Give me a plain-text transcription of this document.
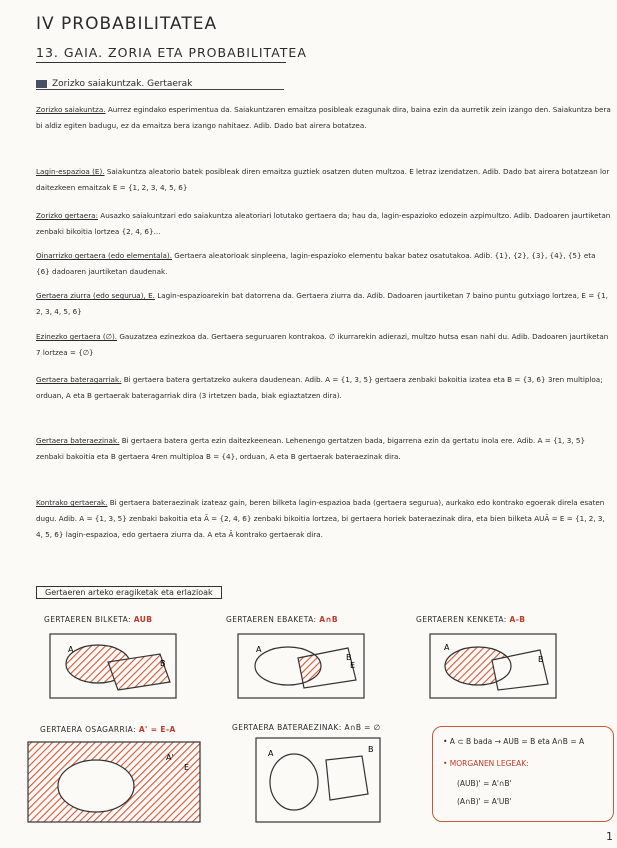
IV PROBABILITATEA
13. GAIA. ZORIA ETA PROBABILITATEA
Zorizko saiakuntzak. Gertaerak
Zorizko saiakuntza. Aurrez egindako esperimentua da. Saiakuntzaren emaitza posibleak ezagunak dira, baina ezin da aurretik zein izango den. Saiakuntza bera bi aldiz egiten badugu, ez da emaitza bera izango nahitaez. Adib. Dado bat airera botatzea.
Lagin-espazioa (E). Saiakuntza aleatorio batek posibleak diren emaitza guztiek osatzen duten multzoa. E letraz izendatzen. Adib. Dado bat airera botatzean lor daitezkeen emaitzak E = {1, 2, 3, 4, 5, 6}
Zorizko gertaera: Ausazko saiakuntzari edo saiakuntza aleatoriari lotutako gertaera da; hau da, lagin-espazioko edozein azpimultzo. Adib. Dadoaren jaurtiketan zenbaki bikoitia lortzea {2, 4, 6}...
Oinarrizko gertaera (edo elementala). Gertaera aleatorioak sinpleena, lagin-espazioko elementu bakar batez osatutakoa. Adib. {1}, {2}, {3}, {4}, {5} eta {6} dadoaren jaurtiketan daudenak.
Gertaera ziurra (edo segurua), E. Lagin-espazioarekin bat datorrena da. Gertaera ziurra da. Adib. Dadoaren jaurtiketan 7 baino puntu gutxiago lortzea, E = {1, 2, 3, 4, 5, 6}
Ezinezko gertaera (∅). Gauzatzea ezinezkoa da. Gertaera seguruaren kontrakoa. ∅ ikurrarekin adierazi, multzo hutsa esan nahi du. Adib. Dadoaren jaurtiketan 7 lortzea = {∅}
Gertaera bateragarriak. Bi gertaera batera gertatzeko aukera daudenean. Adib. A = {1, 3, 5} gertaera zenbaki bakoitia izatea eta B = {3, 6} 3ren multiploa; orduan, A eta B gertaerak bateragarriak dira (3 irtetzen bada, biak egiaztatzen dira).
Gertaera bateraezinak. Bi gertaera batera gerta ezin daitezkeenean. Lehenengo gertatzen bada, bigarrena ezin da gertatu inola ere. Adib. A = {1, 3, 5} zenbaki bakoitia eta B gertaera 4ren multiploa B = {4}, orduan, A eta B gertaerak bateraezinak dira.
Kontrako gertaerak. Bi gertaera bateraezinak izateaz gain, beren bilketa lagin-espazioa bada (gertaera segurua), aurkako edo kontrako egoerak direla esaten dugu. Adib. A = {1, 3, 5} zenbaki bakoitia eta Ā = {2, 4, 6} zenbaki bikoitia lortzea, bi gertaera horiek bateraezinak dira, eta bien bilketa AUĀ = E = {1, 2, 3, 4, 5, 6} lagin-espazioa, edo gertaera ziurra da. A eta Ā kontrako gertaerak dira.
Gertaeren arteko eragiketak eta erlazioak
GERTAEREN BILKETA: AUB	GERTAEREN EBAKETA: A∩B	GERTAEREN KENKETA: A-B
A
B
A
B
E
A
B
GERTAERA OSAGARRIA: A' = E-A	GERTAERA BATERAEZINAK: A∩B = ∅
A'
E
A	B
• A ⊂ B bada → AUB = B eta A∩B = A
• MORGANEN LEGEAK:
(AUB)' = A'∩B'
(A∩B)' = A'UB'
1
